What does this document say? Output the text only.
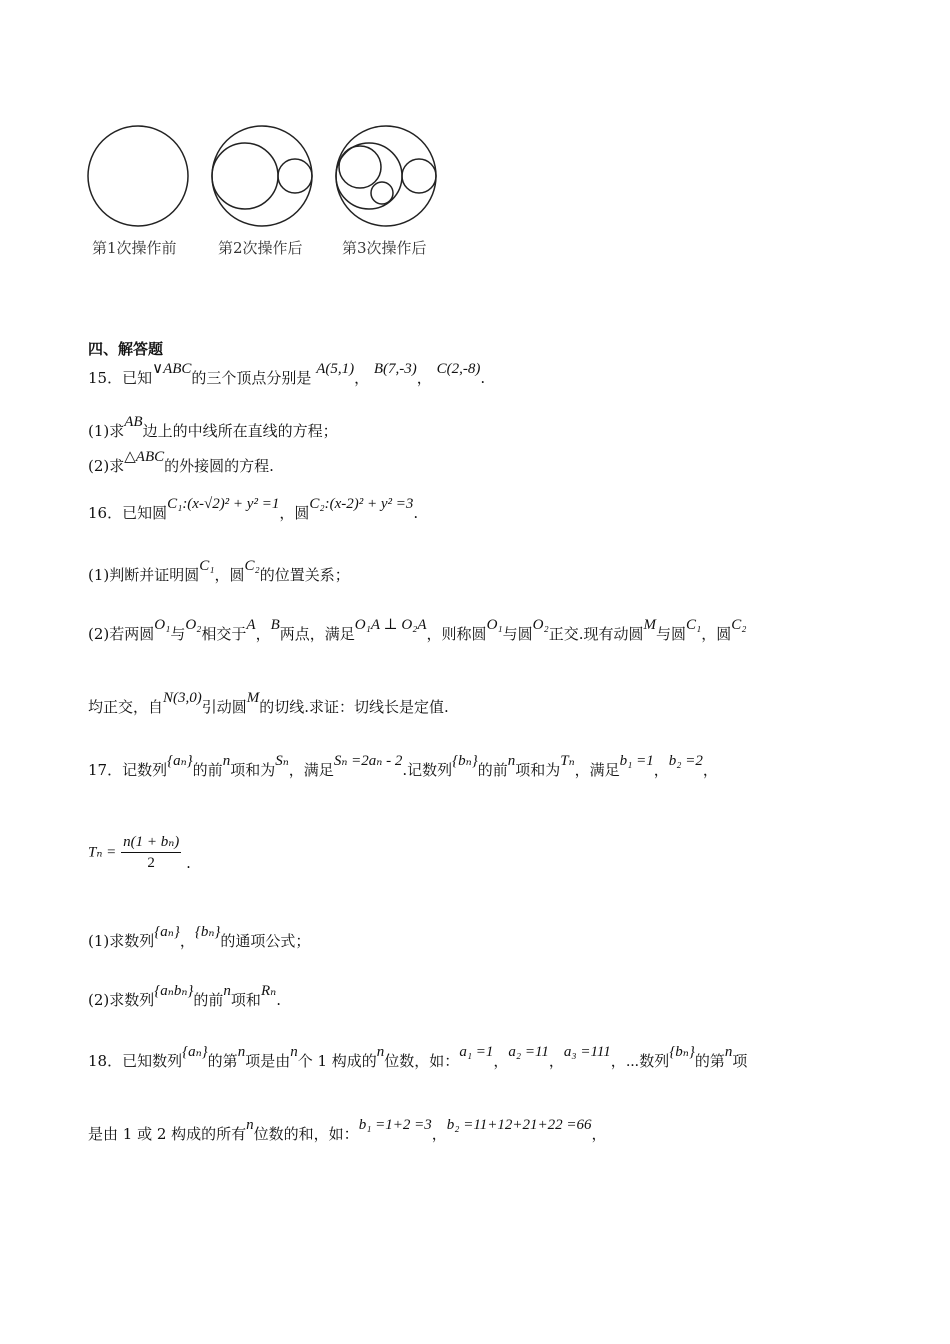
第1次操作前	第2次操作后	第3次操作后
四、解答题
15．已知∨ABC的三个顶点分别是 A(5,1)， B(7,-3)， C(2,-8).
(1)求AB边上的中线所在直线的方程；
(2)求△ABC的外接圆的方程.
16．已知圆C₁:(x-√2)² + y² =1，圆C₂:(x-2)² + y² =3.
(1)判断并证明圆C₁，圆C₂的位置关系；
(2)若两圆O₁与O₂相交于A，B两点，满足O₁A ⊥ O₂A，则称圆O₁与圆O₂正交.现有动圆M与圆C₁，圆C₂
均正交，自N(3,0)引动圆M的切线.求证：切线长是定值.
17．记数列{aₙ}的前n项和为Sₙ，满足Sₙ =2aₙ - 2.记数列{bₙ}的前n项和为Tₙ，满足b₁ =1，b₂ =2，
$T_n = \frac{\text{n(1 + bₙ)}}{2}$ .
(1)求数列{aₙ}，{bₙ}的通项公式；
(2)求数列{aₙbₙ}的前n项和Rₙ.
18．已知数列{aₙ}的第n项是由n个 1 构成的n位数，如：a₁ =1，a₂ =11，a₃ =111，⋯数列{bₙ}的第n项
是由 1 或 2 构成的所有n位数的和，如：b₁ =1+2 =3，b₂ =11+12+21+22 =66，
